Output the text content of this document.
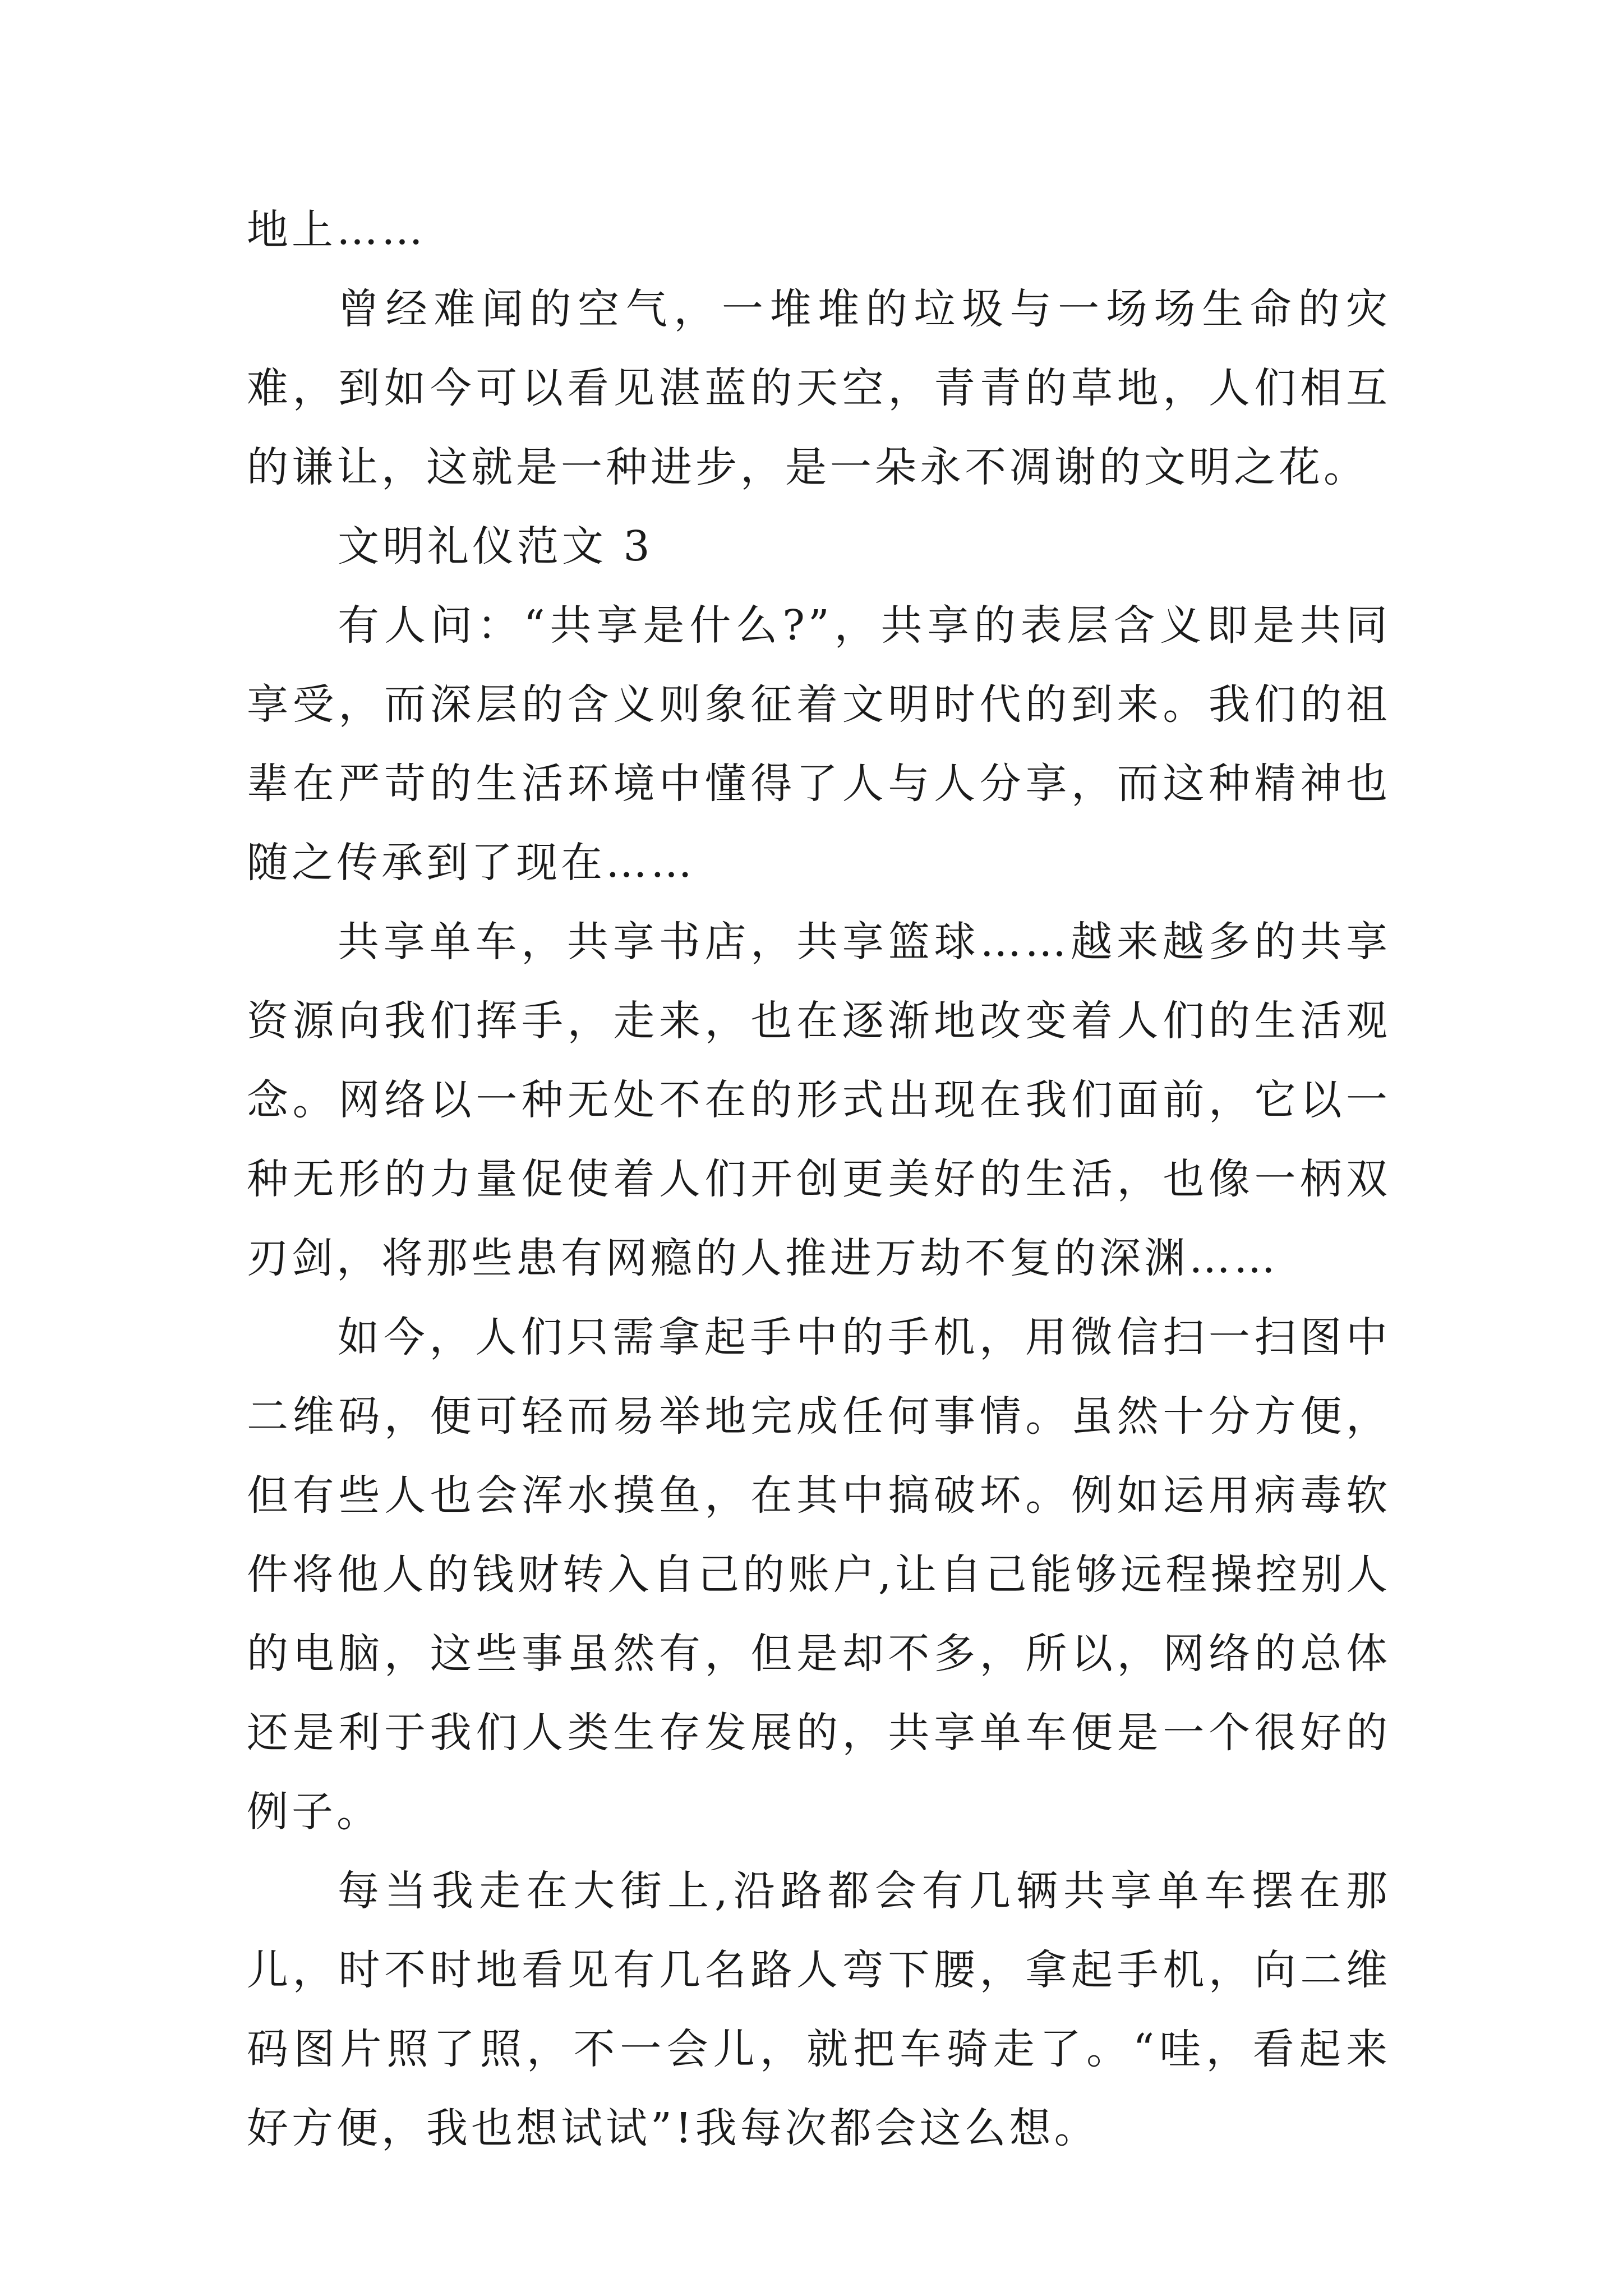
地上……

曾经难闻的空气，一堆堆的垃圾与一场场生命的灾难，到如今可以看见湛蓝的天空，青青的草地，人们相互的谦让，这就是一种进步，是一朵永不凋谢的文明之花。

文明礼仪范文 3

有人问：“共享是什么?”，共享的表层含义即是共同享受，而深层的含义则象征着文明时代的到来。我们的祖辈在严苛的生活环境中懂得了人与人分享，而这种精神也随之传承到了现在……

共享单车，共享书店，共享篮球……越来越多的共享资源向我们挥手，走来，也在逐渐地改变着人们的生活观念。网络以一种无处不在的形式出现在我们面前，它以一种无形的力量促使着人们开创更美好的生活，也像一柄双刃剑，将那些患有网瘾的人推进万劫不复的深渊……

如今，人们只需拿起手中的手机，用微信扫一扫图中二维码，便可轻而易举地完成任何事情。虽然十分方便，但有些人也会浑水摸鱼，在其中搞破坏。例如运用病毒软件将他人的钱财转入自己的账户,让自己能够远程操控别人的电脑，这些事虽然有，但是却不多，所以，网络的总体还是利于我们人类生存发展的，共享单车便是一个很好的例子。

每当我走在大街上,沿路都会有几辆共享单车摆在那儿，时不时地看见有几名路人弯下腰，拿起手机，向二维码图片照了照，不一会儿，就把车骑走了。“哇，看起来好方便，我也想试试”!我每次都会这么想。
